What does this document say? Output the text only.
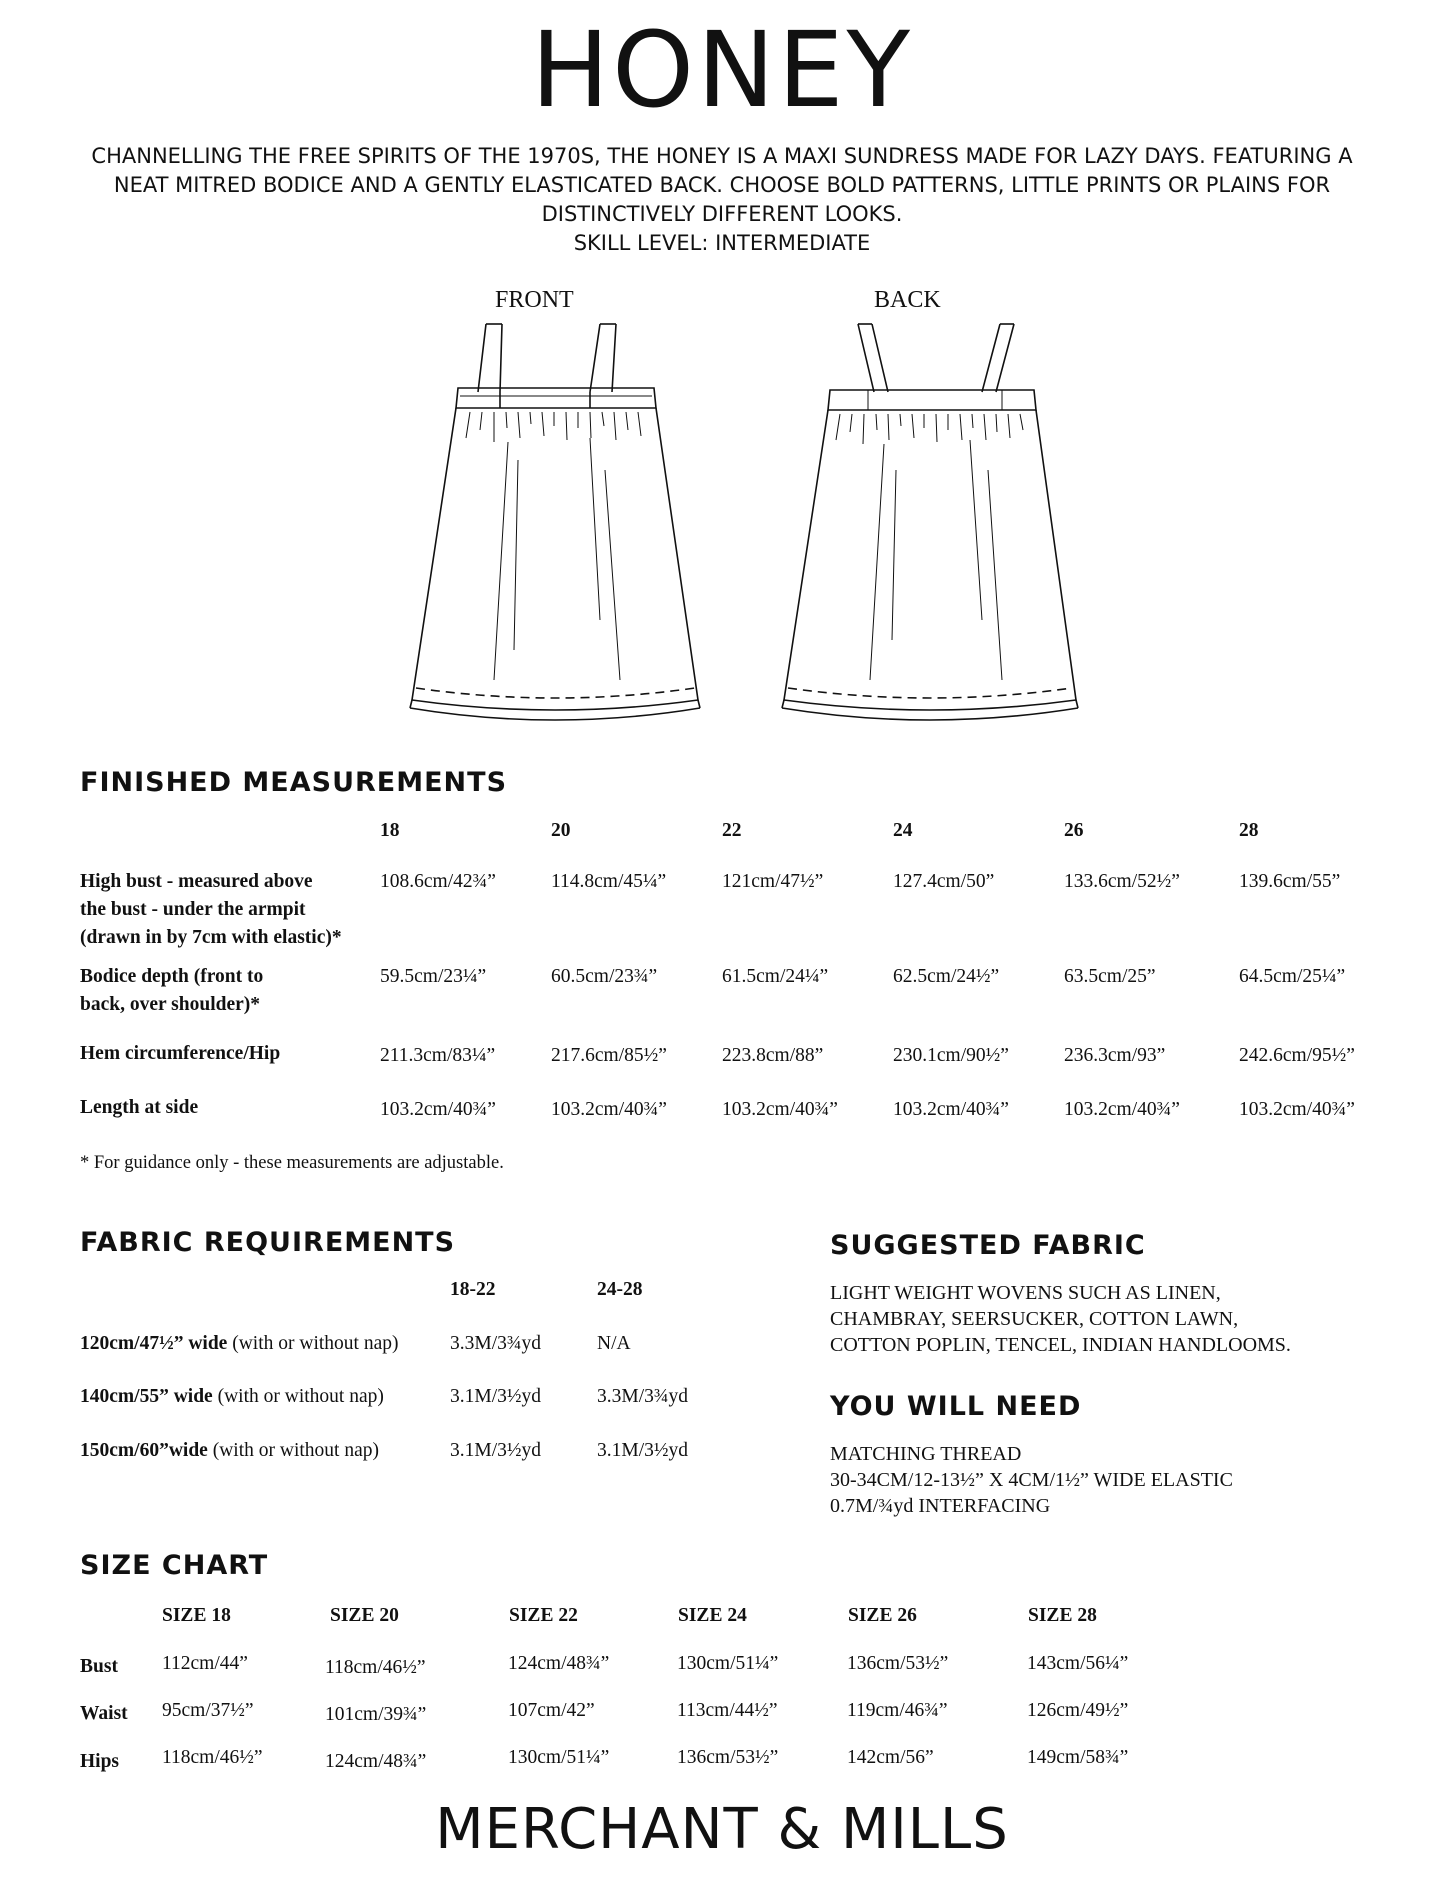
HONEY
CHANNELLING THE FREE SPIRITS OF THE 1970S, THE HONEY IS A MAXI SUNDRESS MADE FOR LAZY DAYS. FEATURING A
NEAT MITRED BODICE AND A GENTLY ELASTICATED BACK. CHOOSE BOLD PATTERNS, LITTLE PRINTS OR PLAINS FOR
DISTINCTIVELY DIFFERENT LOOKS.
SKILL LEVEL: INTERMEDIATE
FRONT	BACK
FINISHED MEASUREMENTS
18	20	22	24	26	28
High bust - measured above
the bust - under the armpit
(drawn in by 7cm with elastic)*
108.6cm/42¾”	114.8cm/45¼”	121cm/47½”	127.4cm/50”	133.6cm/52½”	139.6cm/55”
Bodice depth (front to
back, over shoulder)*
59.5cm/23¼”	60.5cm/23¾”	61.5cm/24¼”	62.5cm/24½”	63.5cm/25”	64.5cm/25¼”
Hem circumference/Hip	211.3cm/83¼”	217.6cm/85½”	223.8cm/88”	230.1cm/90½”	236.3cm/93”	242.6cm/95½”
Length at side	103.2cm/40¾”	103.2cm/40¾”	103.2cm/40¾”	103.2cm/40¾”	103.2cm/40¾”	103.2cm/40¾”
* For guidance only - these measurements are adjustable.
FABRIC REQUIREMENTS
18-22	24-28
120cm/47½” wide (with or without nap)	3.3M/3¾yd	N/A
140cm/55” wide (with or without nap)	3.1M/3½yd	3.3M/3¾yd
150cm/60”wide (with or without nap)	3.1M/3½yd	3.1M/3½yd
SUGGESTED FABRIC
LIGHT WEIGHT WOVENS SUCH AS LINEN,
CHAMBRAY, SEERSUCKER, COTTON LAWN,
COTTON POPLIN, TENCEL, INDIAN HANDLOOMS.
YOU WILL NEED
MATCHING THREAD
30-34CM/12-13½” X 4CM/1½” WIDE ELASTIC
0.7M/¾yd INTERFACING
SIZE CHART
SIZE 18	SIZE 20	SIZE 22	SIZE 24	SIZE 26	SIZE 28
Bust 112cm/44”	118cm/46½”	124cm/48¾”	130cm/51¼”	136cm/53½”	143cm/56¼”
Waist 95cm/37½”	101cm/39¾”	107cm/42”	113cm/44½”	119cm/46¾”	126cm/49½”
Hips 118cm/46½”	124cm/48¾”	130cm/51¼”	136cm/53½”	142cm/56”	149cm/58¾”
MERCHANT & MILLS
